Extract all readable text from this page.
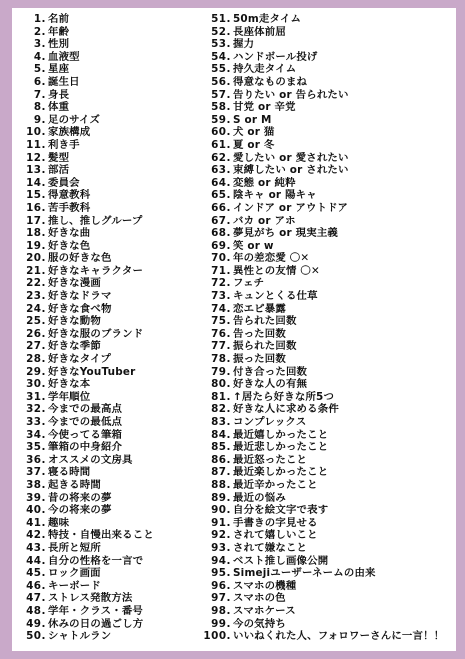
1. 名前
2. 年齢
3. 性別
4. 血液型
5. 星座
6. 誕生日
7. 身長
8. 体重
9. 足のサイズ
10. 家族構成
11. 利き手
12. 髪型
13. 部活
14. 委員会
15. 得意教科
16. 苦手教科
17. 推し、推しグループ
18. 好きな曲
19. 好きな色
20. 服の好きな色
21. 好きなキャラクター
22. 好きな漫画
23. 好きなドラマ
24. 好きな食べ物
25. 好きな動物
26. 好きな服のブランド
27. 好きな季節
28. 好きなタイプ
29. 好きなYouTuber
30. 好きな本
31. 学年順位
32. 今までの最高点
33. 今までの最低点
34. 今使ってる筆箱
35. 筆箱の中身紹介
36. オススメの文房具
37. 寝る時間
38. 起きる時間
39. 昔の将来の夢
40. 今の将来の夢
41. 趣味
42. 特技・自慢出来ること
43. 長所と短所
44. 自分の性格を一言で
45. ロック画面
46. キーボード
47. ストレス発散方法
48. 学年・クラス・番号
49. 休みの日の過ごし方
50. シャトルラン
51. 50m走タイム
52. 長座体前屈
53. 握力
54. ハンドボール投げ
55. 持久走タイム
56. 得意なものまね
57. 告りたい or 告られたい
58. 甘党 or 辛党
59. S or M
60. 犬 or 猫
61. 夏 or 冬
62. 愛したい or 愛されたい
63. 束縛したい or されたい
64. 変態 or 純粋
65. 陰キャ or 陽キャ
66. インドア or アウトドア
67. バカ or アホ
68. 夢見がち or 現実主義
69. 笑 or w
70. 年の差恋愛 〇✕
71. 異性との友情 〇✕
72. フェチ
73. キュンとくる仕草
74. 恋エピ暴露
75. 告られた回数
76. 告った回数
77. 振られた回数
78. 振った回数
79. 付き合った回数
80. 好きな人の有無
81. ↑居たら好きな所5つ
82. 好きな人に求める条件
83. コンプレックス
84. 最近嬉しかったこと
85. 最近悲しかったこと
86. 最近怒ったこと
87. 最近楽しかったこと
88. 最近辛かったこと
89. 最近の悩み
90. 自分を絵文字で表す
91. 手書きの字見せる
92. されて嬉しいこと
93. されて嫌なこと
94. ベスト推し画像公開
95. Simejiユーザーネームの由来
96. スマホの機種
97. スマホの色
98. スマホケース
99. 今の気持ち
100. いいねくれた人、フォロワーさんに一言！！
